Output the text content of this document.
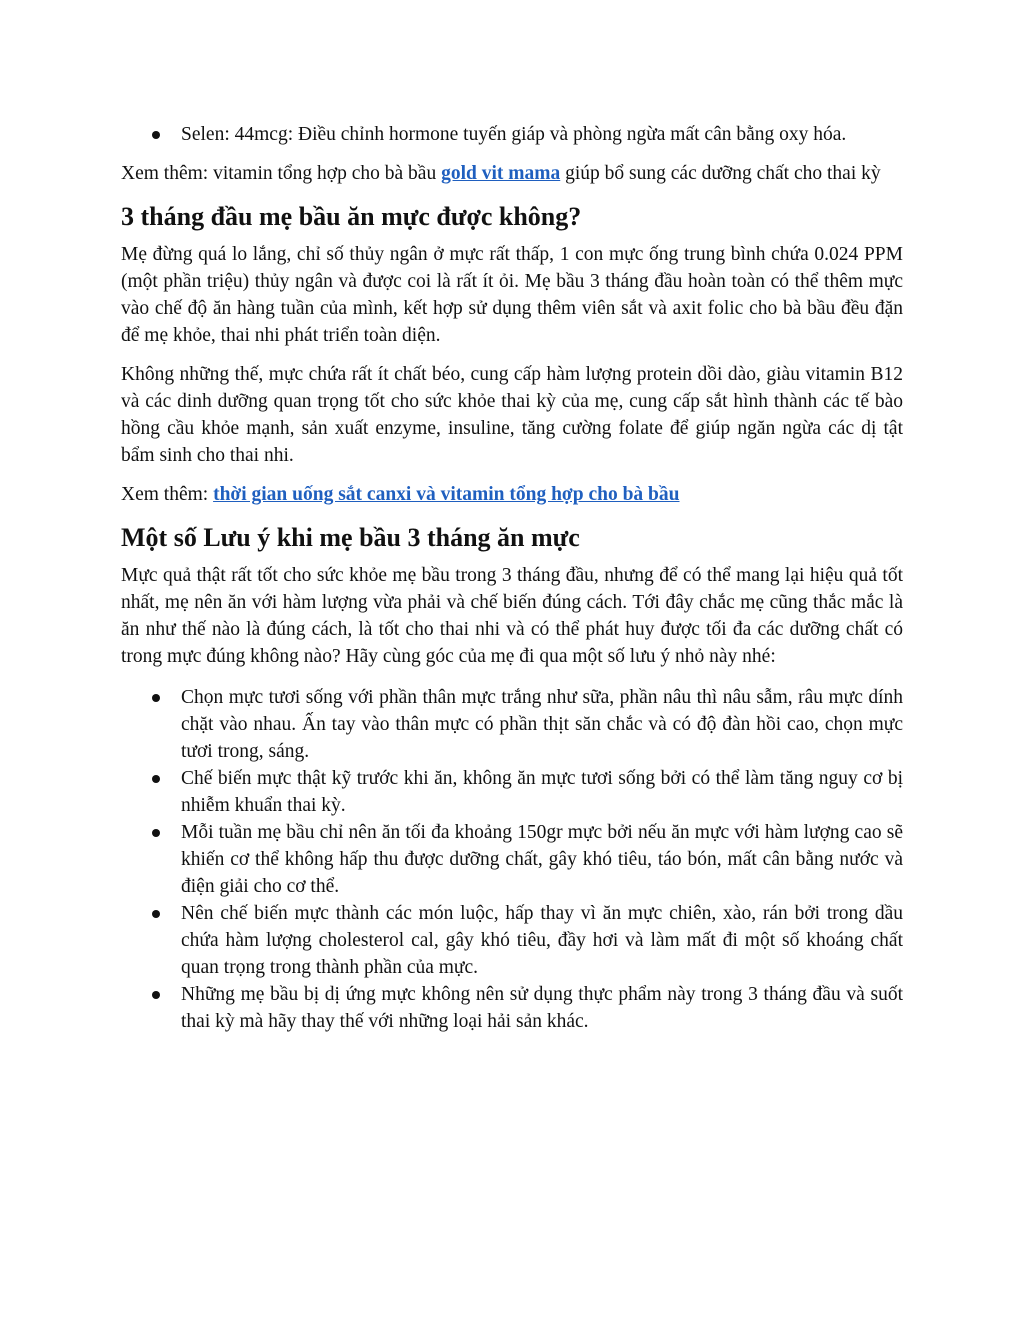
Selen: 44mcg: Điều chỉnh hormone tuyến giáp và phòng ngừa mất cân bằng oxy hóa.

Xem thêm: vitamin tổng hợp cho bà bầu gold vit mama giúp bổ sung các dưỡng chất cho thai kỳ

3 tháng đầu mẹ bầu ăn mực được không?

Mẹ đừng quá lo lắng, chỉ số thủy ngân ở mực rất thấp, 1 con mực ống trung bình chứa 0.024 PPM (một phần triệu) thủy ngân và được coi là rất ít ỏi. Mẹ bầu 3 tháng đầu hoàn toàn có thể thêm mực vào chế độ ăn hàng tuần của mình, kết hợp sử dụng thêm viên sắt và axit folic cho bà bầu đều đặn để mẹ khỏe, thai nhi phát triển toàn diện.

Không những thế, mực chứa rất ít chất béo, cung cấp hàm lượng protein dồi dào, giàu vitamin B12 và các dinh dưỡng quan trọng tốt cho sức khỏe thai kỳ của mẹ, cung cấp sắt hình thành các tế bào hồng cầu khỏe mạnh, sản xuất enzyme, insuline, tăng cường folate để giúp ngăn ngừa các dị tật bẩm sinh cho thai nhi.

Xem thêm: thời gian uống sắt canxi và vitamin tổng hợp cho bà bầu

Một số Lưu ý khi mẹ bầu 3 tháng ăn mực

Mực quả thật rất tốt cho sức khỏe mẹ bầu trong 3 tháng đầu, nhưng để có thể mang lại hiệu quả tốt nhất, mẹ nên ăn với hàm lượng vừa phải và chế biến đúng cách. Tới đây chắc mẹ cũng thắc mắc là ăn như thế nào là đúng cách, là tốt cho thai nhi và có thể phát huy được tối đa các dưỡng chất có trong mực đúng không nào? Hãy cùng góc của mẹ đi qua một số lưu ý nhỏ này nhé:

Chọn mực tươi sống với phần thân mực trắng như sữa, phần nâu thì nâu sẫm, râu mực dính chặt vào nhau. Ấn tay vào thân mực có phần thịt săn chắc và có độ đàn hồi cao, chọn mực tươi trong, sáng.
Chế biến mực thật kỹ trước khi ăn, không ăn mực tươi sống bởi có thể làm tăng nguy cơ bị nhiễm khuẩn thai kỳ.
Mỗi tuần mẹ bầu chỉ nên ăn tối đa khoảng 150gr mực bởi nếu ăn mực với hàm lượng cao sẽ khiến cơ thể không hấp thu được dưỡng chất, gây khó tiêu, táo bón, mất cân bằng nước và điện giải cho cơ thể.
Nên chế biến mực thành các món luộc, hấp thay vì ăn mực chiên, xào, rán bởi trong dầu chứa hàm lượng cholesterol cal, gây khó tiêu, đầy hơi và làm mất đi một số khoáng chất quan trọng trong thành phần của mực.
Những mẹ bầu bị dị ứng mực không nên sử dụng thực phẩm này trong 3 tháng đầu và suốt thai kỳ mà hãy thay thế với những loại hải sản khác.
